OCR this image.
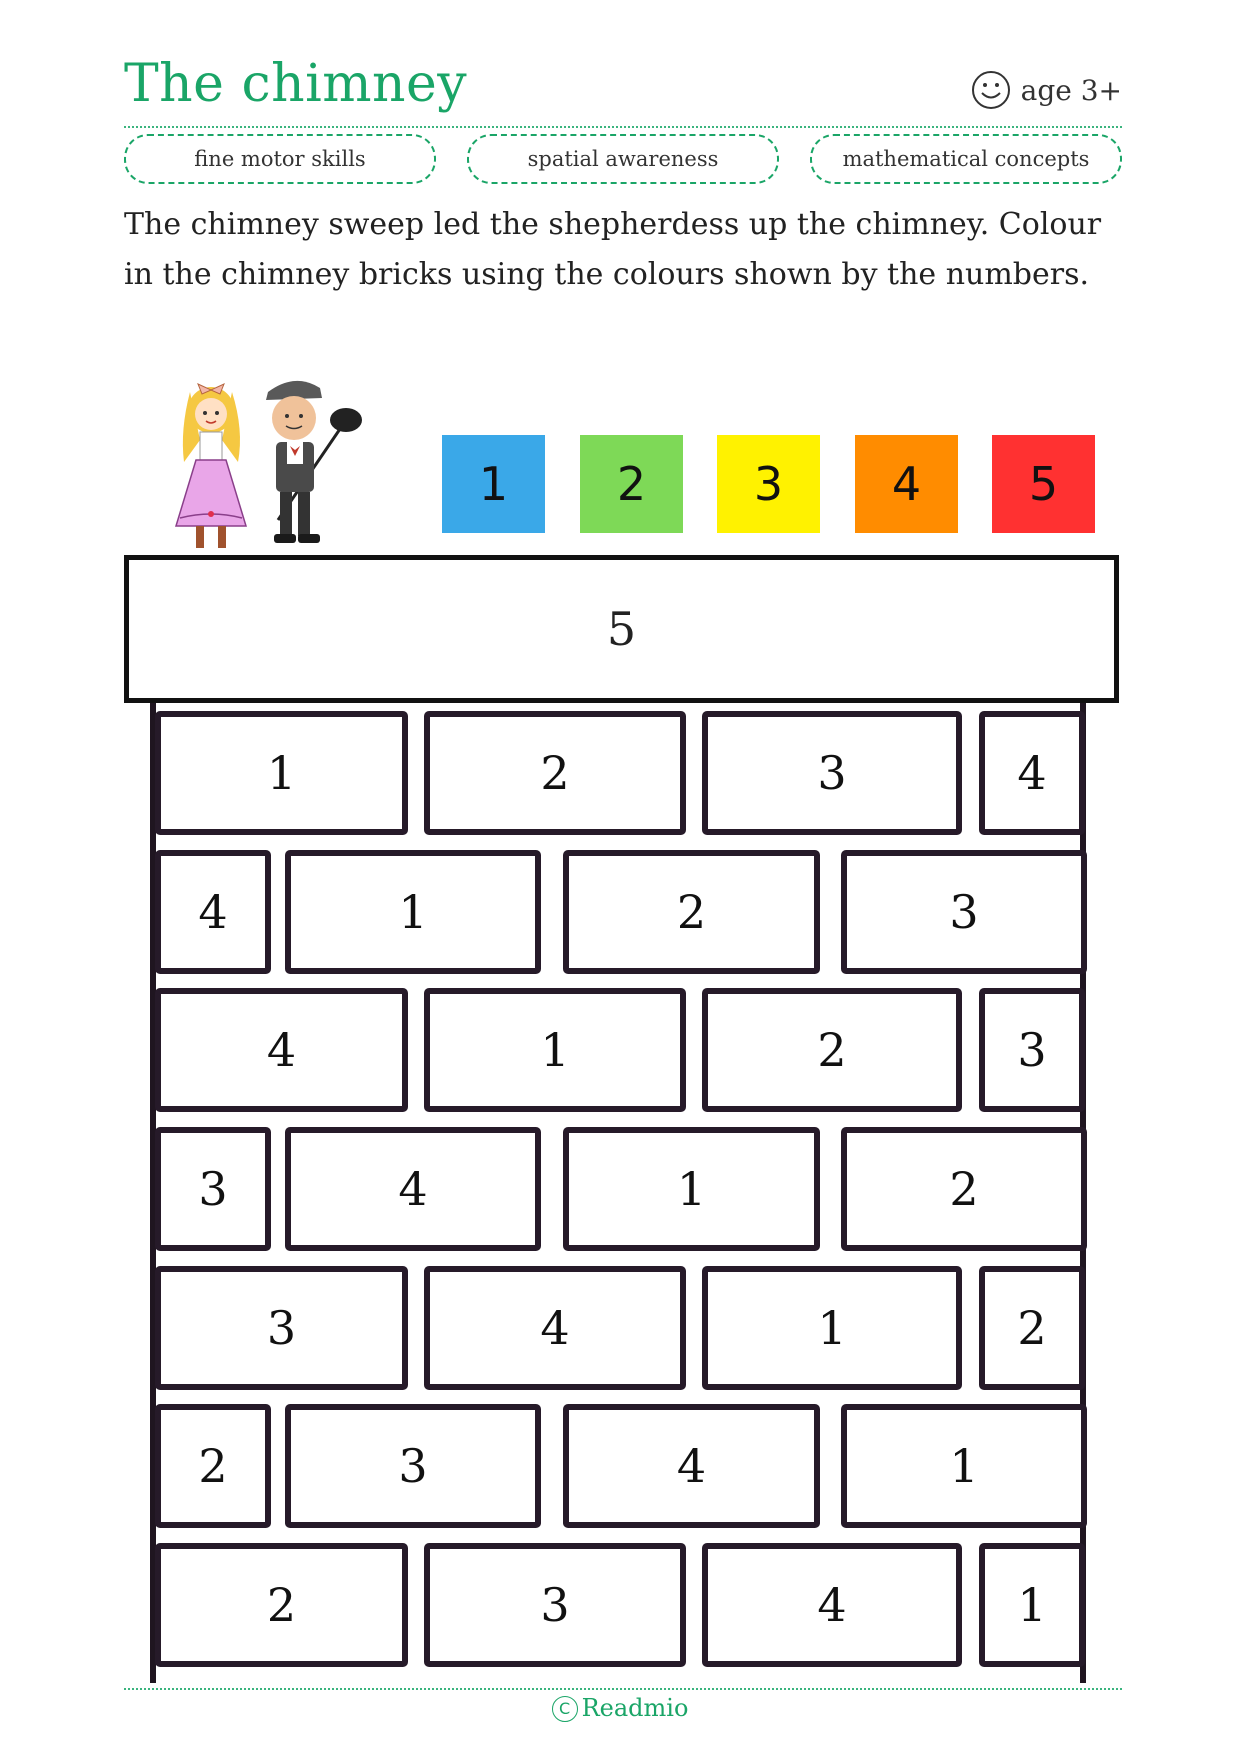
The chimney	age 3+
fine motor skills	spatial awareness	mathematical concepts
The chimney sweep led the shepherdess up the chimney. Colour in the chimney bricks using the colours shown by the numbers.
1 2 3 4 5
5
1	2	3	4
4	1	2	3
4	1	2	3
3	4	1	2
3	4	1	2
2	3	4	1
2	3	4	1
C Readmio
